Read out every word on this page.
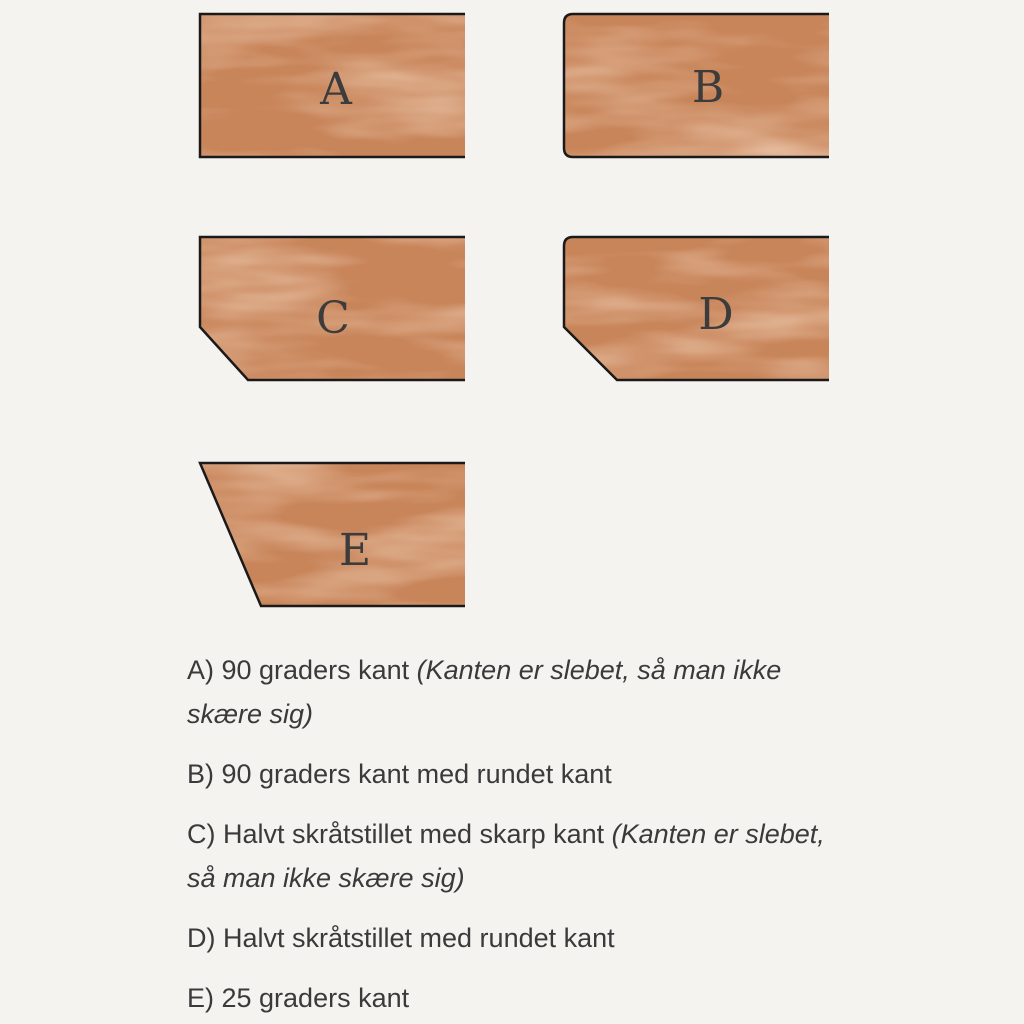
A	B
C	D
E

A) 90 graders kant (Kanten er slebet, så man ikke skære sig)

B) 90 graders kant med rundet kant

C) Halvt skråtstillet med skarp kant (Kanten er slebet, så man ikke skære sig)

D) Halvt skråtstillet med rundet kant

E) 25 graders kant
